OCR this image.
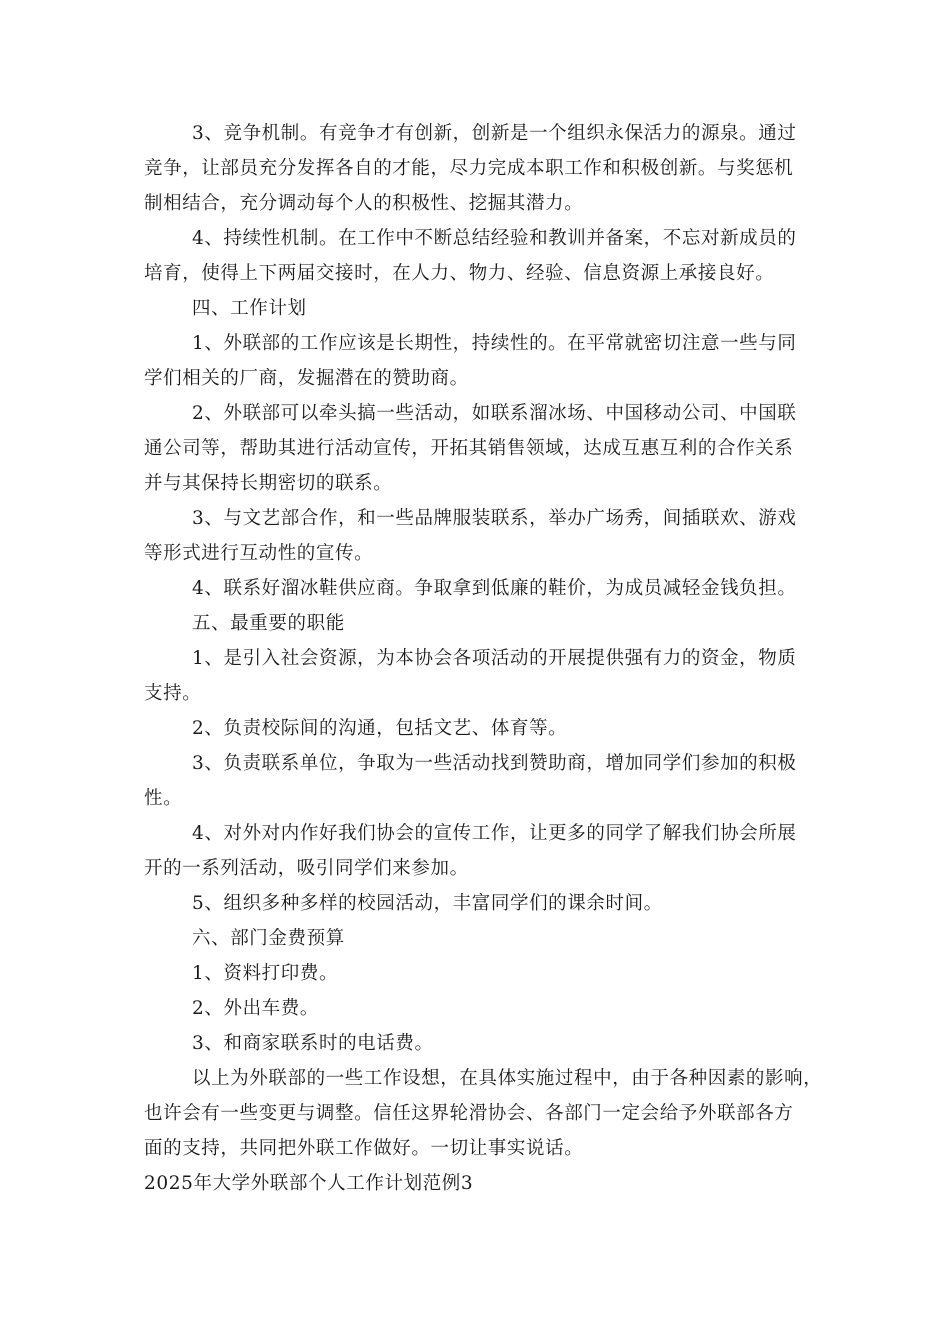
3、竞争机制。有竞争才有创新，创新是一个组织永保活力的源泉。通过
竞争，让部员充分发挥各自的才能，尽力完成本职工作和积极创新。与奖惩机
制相结合，充分调动每个人的积极性、挖掘其潜力。
4、持续性机制。在工作中不断总结经验和教训并备案，不忘对新成员的
培育，使得上下两届交接时，在人力、物力、经验、信息资源上承接良好。
四、工作计划
1、外联部的工作应该是长期性，持续性的。在平常就密切注意一些与同
学们相关的厂商，发掘潜在的赞助商。
2、外联部可以牵头搞一些活动，如联系溜冰场、中国移动公司、中国联
通公司等，帮助其进行活动宣传，开拓其销售领域，达成互惠互利的合作关系
并与其保持长期密切的联系。
3、与文艺部合作，和一些品牌服装联系，举办广场秀，间插联欢、游戏
等形式进行互动性的宣传。
4、联系好溜冰鞋供应商。争取拿到低廉的鞋价，为成员减轻金钱负担。
五、最重要的职能
1、是引入社会资源，为本协会各项活动的开展提供强有力的资金，物质
支持。
2、负责校际间的沟通，包括文艺、体育等。
3、负责联系单位，争取为一些活动找到赞助商，增加同学们参加的积极
性。
4、对外对内作好我们协会的宣传工作，让更多的同学了解我们协会所展
开的一系列活动，吸引同学们来参加。
5、组织多种多样的校园活动，丰富同学们的课余时间。
六、部门金费预算
1、资料打印费。
2、外出车费。
3、和商家联系时的电话费。
以上为外联部的一些工作设想，在具体实施过程中，由于各种因素的影响，
也许会有一些变更与调整。信任这界轮滑协会、各部门一定会给予外联部各方
面的支持，共同把外联工作做好。一切让事实说话。
2025年大学外联部个人工作计划范例3
